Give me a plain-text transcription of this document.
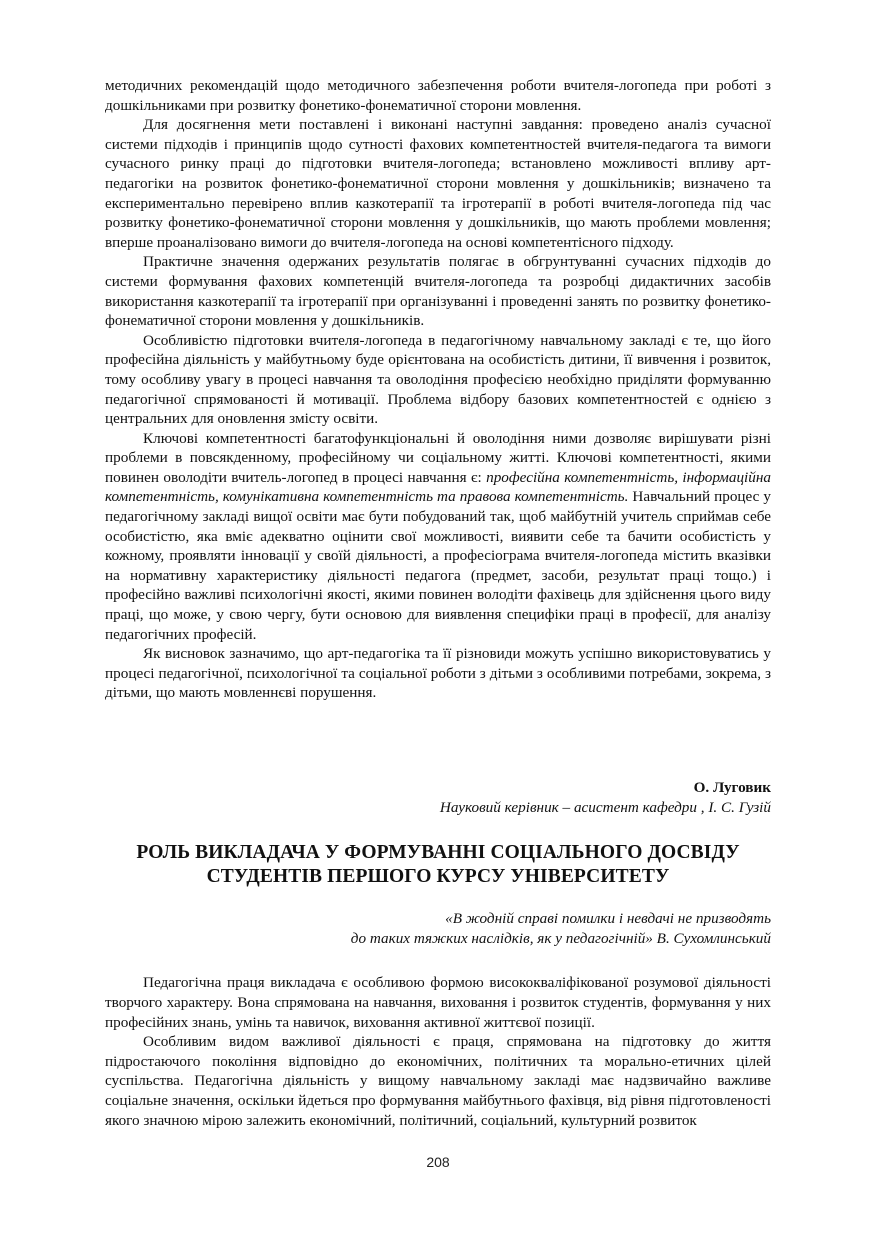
методичних рекомендацій щодо методичного забезпечення роботи вчителя-логопеда при роботі з дошкільниками при розвитку фонетико-фонематичної сторони мовлення.

Для досягнення мети поставлені і виконані наступні завдання: проведено аналіз сучасної системи підходів і принципів щодо сутності фахових компетентностей вчителя-педагога та вимоги сучасного ринку праці до підготовки вчителя-логопеда; встановлено можливості впливу арт-педагогіки на розвиток фонетико-фонематичної сторони мовлення у дошкільників; визначено та експериментально перевірено вплив казкотерапії та ігротерапії в роботі вчителя-логопеда під час розвитку фонетико-фонематичної сторони мовлення у дошкільників, що мають проблеми мовлення; вперше проаналізовано вимоги до вчителя-логопеда на основі компетентісного підходу.

Практичне значення одержаних результатів полягає в обгрунтуванні сучасних підходів до системи формування фахових компетенцій вчителя-логопеда та розробці дидактичних засобів використання казкотерапії та ігротерапії при організуванні і проведенні занять по розвитку фонетико-фонематичної сторони мовлення у дошкільників.

Особливістю підготовки вчителя-логопеда в педагогічному навчальному закладі є те, що його професійна діяльність у майбутньому буде орієнтована на особистість дитини, її вивчення і розвиток, тому особливу увагу в процесі навчання та оволодіння професією необхідно приділяти формуванню педагогічної спрямованості й мотивації. Проблема відбору базових компетентностей є однією з центральних для оновлення змісту освіти.

Ключові компетентності багатофункціональні й оволодіння ними дозволяє вирішувати різні проблеми в повсякденному, професійному чи соціальному житті. Ключові компетентності, якими повинен оволодіти вчитель-логопед в процесі навчання є: професійна компетентність, інформаційна компетентність, комунікативна компетентність та правова компетентність. Навчальний процес у педагогічному закладі вищої освіти має бути побудований так, щоб майбутній учитель сприймав себе особистістю, яка вміє адекватно оцінити свої можливості, виявити себе та бачити особистість у кожному, проявляти інновації у своїй діяльності, а професіограма вчителя-логопеда містить вказівки на нормативну характеристику діяльності педагога (предмет, засоби, результат праці тощо.) і професійно важливі психологічні якості, якими повинен володіти фахівець для здійснення цього виду праці, що може, у свою чергу, бути основою для виявлення специфіки праці в професії, для аналізу педагогічних професій.

Як висновок зазначимо, що арт-педагогіка та її різновиди можуть успішно використовуватись у процесі педагогічної, психологічної та соціальної роботи з дітьми з особливими потребами, зокрема, з дітьми, що мають мовленнєві порушення.

О. Луговик
Науковий керівник – асистент кафедри , І. С. Гузій
РОЛЬ ВИКЛАДАЧА У ФОРМУВАННІ СОЦІАЛЬНОГО ДОСВІДУ
СТУДЕНТІВ ПЕРШОГО КУРСУ УНІВЕРСИТЕТУ
«В жодній справі помилки і невдачі не призводять
до таких тяжких наслідків, як у педагогічній» В. Сухомлинський

Педагогічна праця викладача є особливою формою висококваліфікованої розумової діяльності творчого характеру. Вона спрямована на навчання, виховання і розвиток студентів, формування у них професійних знань, умінь та навичок, виховання активної життєвої позиції.

Особливим видом важливої діяльності є праця, спрямована на підготовку до життя підростаючого покоління відповідно до економічних, політичних та морально-етичних цілей суспільства. Педагогічна діяльність у вищому навчальному закладі має надзвичайно важливе соціальне значення, оскільки йдеться про формування майбутнього фахівця, від рівня підготовленості якого значною мірою залежить економічний, політичний, соціальний, культурний розвиток

208
